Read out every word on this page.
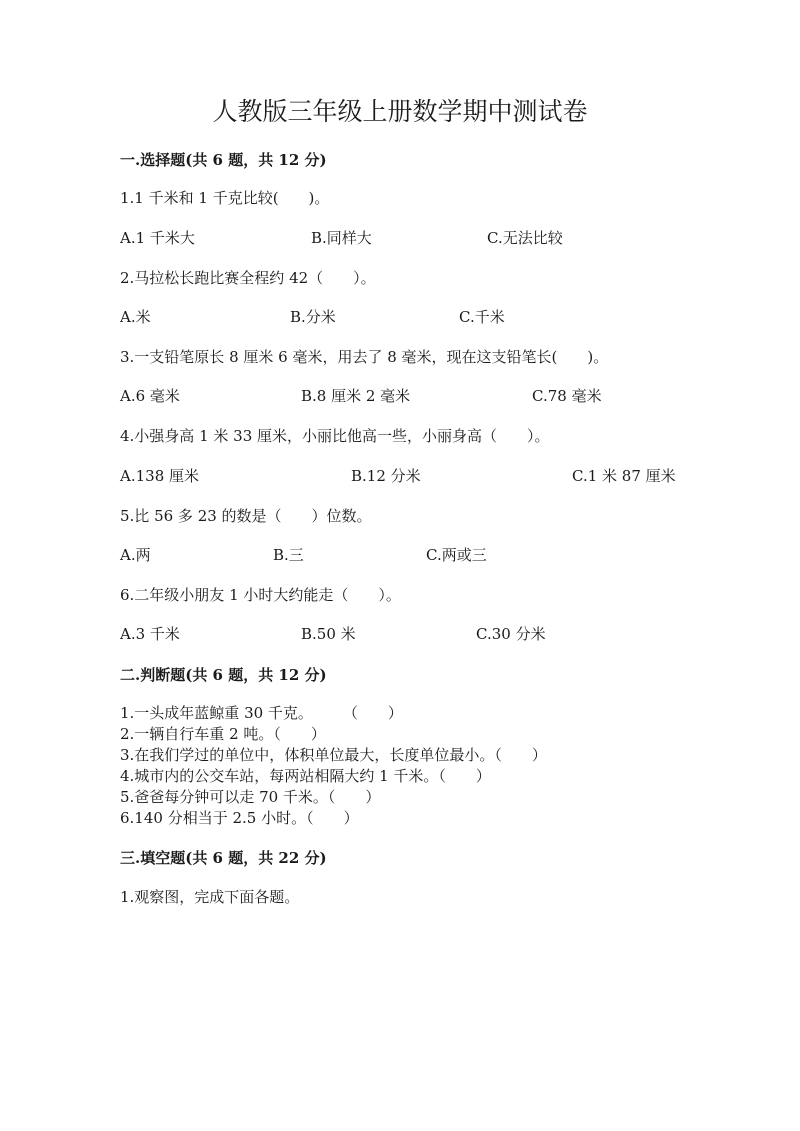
人教版三年级上册数学期中测试卷
一.选择题(共 6 题，共 12 分)
1.1 千米和 1 千克比较(　　)。
A.1 千米大	B.同样大	C.无法比较
2.马拉松长跑比赛全程约 42（　　）。
A.米	B.分米	C.千米
3.一支铅笔原长 8 厘米 6 毫米，用去了 8 毫米，现在这支铅笔长(　　)。
A.6 毫米	B.8 厘米 2 毫米	C.78 毫米
4.小强身高 1 米 33 厘米，小丽比他高一些，小丽身高（　　）。
A.138 厘米	B.12 分米	C.1 米 87 厘米
5.比 56 多 23 的数是（　　）位数。
A.两	B.三	C.两或三
6.二年级小朋友 1 小时大约能走（　　）。
A.3 千米	B.50 米	C.30 分米
二.判断题(共 6 题，共 12 分)
1.一头成年蓝鲸重 30 千克。　　　（　　）
2.一辆自行车重 2 吨。（　　）
3.在我们学过的单位中，体积单位最大，长度单位最小。（　　）
4.城市内的公交车站，每两站相隔大约 1 千米。（　　）
5.爸爸每分钟可以走 70 千米。（　　）
6.140 分相当于 2.5 小时。（　　）
三.填空题(共 6 题，共 22 分)
1.观察图，完成下面各题。
